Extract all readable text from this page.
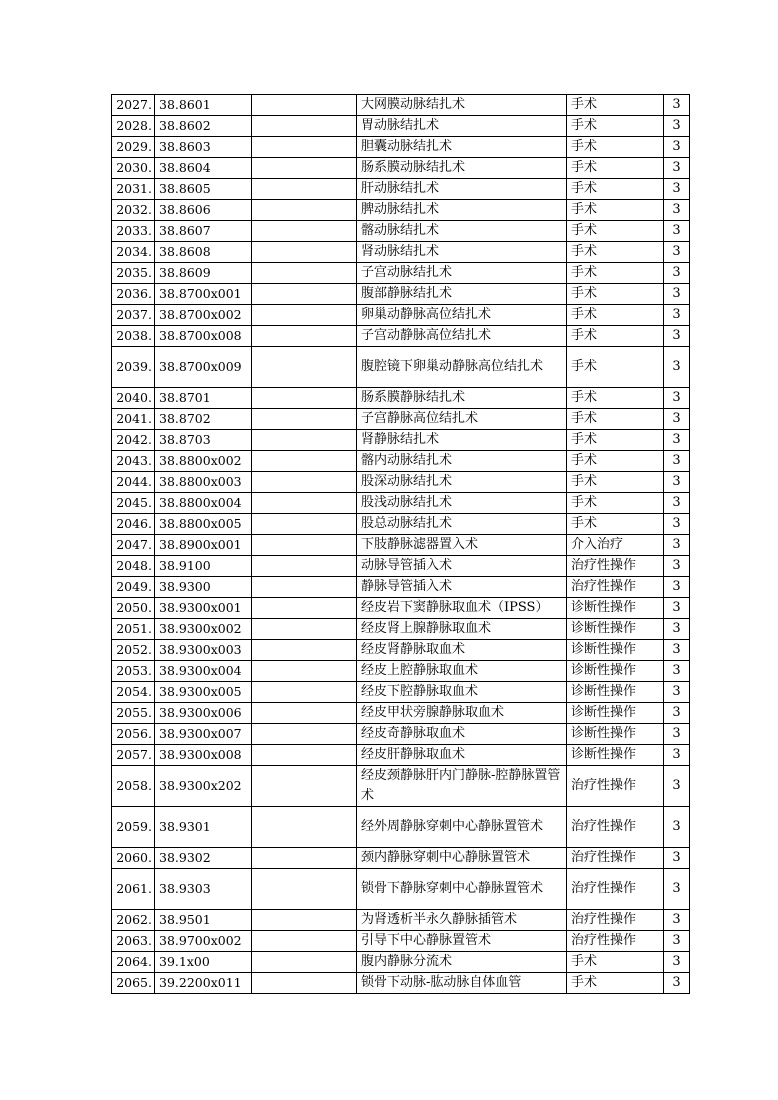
2027.	38.8601		大网膜动脉结扎术	手术	3
2028.	38.8602		胃动脉结扎术	手术	3
2029.	38.8603		胆囊动脉结扎术	手术	3
2030.	38.8604		肠系膜动脉结扎术	手术	3
2031.	38.8605		肝动脉结扎术	手术	3
2032.	38.8606		脾动脉结扎术	手术	3
2033.	38.8607		髂动脉结扎术	手术	3
2034.	38.8608		肾动脉结扎术	手术	3
2035.	38.8609		子宫动脉结扎术	手术	3
2036.	38.8700x001		腹部静脉结扎术	手术	3
2037.	38.8700x002		卵巢动静脉高位结扎术	手术	3
2038.	38.8700x008		子宫动静脉高位结扎术	手术	3
2039.	38.8700x009		腹腔镜下卵巢动静脉高位结扎术	手术	3
2040.	38.8701		肠系膜静脉结扎术	手术	3
2041.	38.8702		子宫静脉高位结扎术	手术	3
2042.	38.8703		肾静脉结扎术	手术	3
2043.	38.8800x002		髂内动脉结扎术	手术	3
2044.	38.8800x003		股深动脉结扎术	手术	3
2045.	38.8800x004		股浅动脉结扎术	手术	3
2046.	38.8800x005		股总动脉结扎术	手术	3
2047.	38.8900x001		下肢静脉滤器置入术	介入治疗	3
2048.	38.9100		动脉导管插入术	治疗性操作	3
2049.	38.9300		静脉导管插入术	治疗性操作	3
2050.	38.9300x001		经皮岩下窦静脉取血术（IPSS）	诊断性操作	3
2051.	38.9300x002		经皮肾上腺静脉取血术	诊断性操作	3
2052.	38.9300x003		经皮肾静脉取血术	诊断性操作	3
2053.	38.9300x004		经皮上腔静脉取血术	诊断性操作	3
2054.	38.9300x005		经皮下腔静脉取血术	诊断性操作	3
2055.	38.9300x006		经皮甲状旁腺静脉取血术	诊断性操作	3
2056.	38.9300x007		经皮奇静脉取血术	诊断性操作	3
2057.	38.9300x008		经皮肝静脉取血术	诊断性操作	3
2058.	38.9300x202		经皮颈静脉肝内门静脉-腔静脉置管术	治疗性操作	3
2059.	38.9301		经外周静脉穿刺中心静脉置管术	治疗性操作	3
2060.	38.9302		颈内静脉穿刺中心静脉置管术	治疗性操作	3
2061.	38.9303		锁骨下静脉穿刺中心静脉置管术	治疗性操作	3
2062.	38.9501		为肾透析半永久静脉插管术	治疗性操作	3
2063.	38.9700x002		引导下中心静脉置管术	治疗性操作	3
2064.	39.1x00		腹内静脉分流术	手术	3
2065.	39.2200x011		锁骨下动脉-肱动脉自体血管	手术	3
